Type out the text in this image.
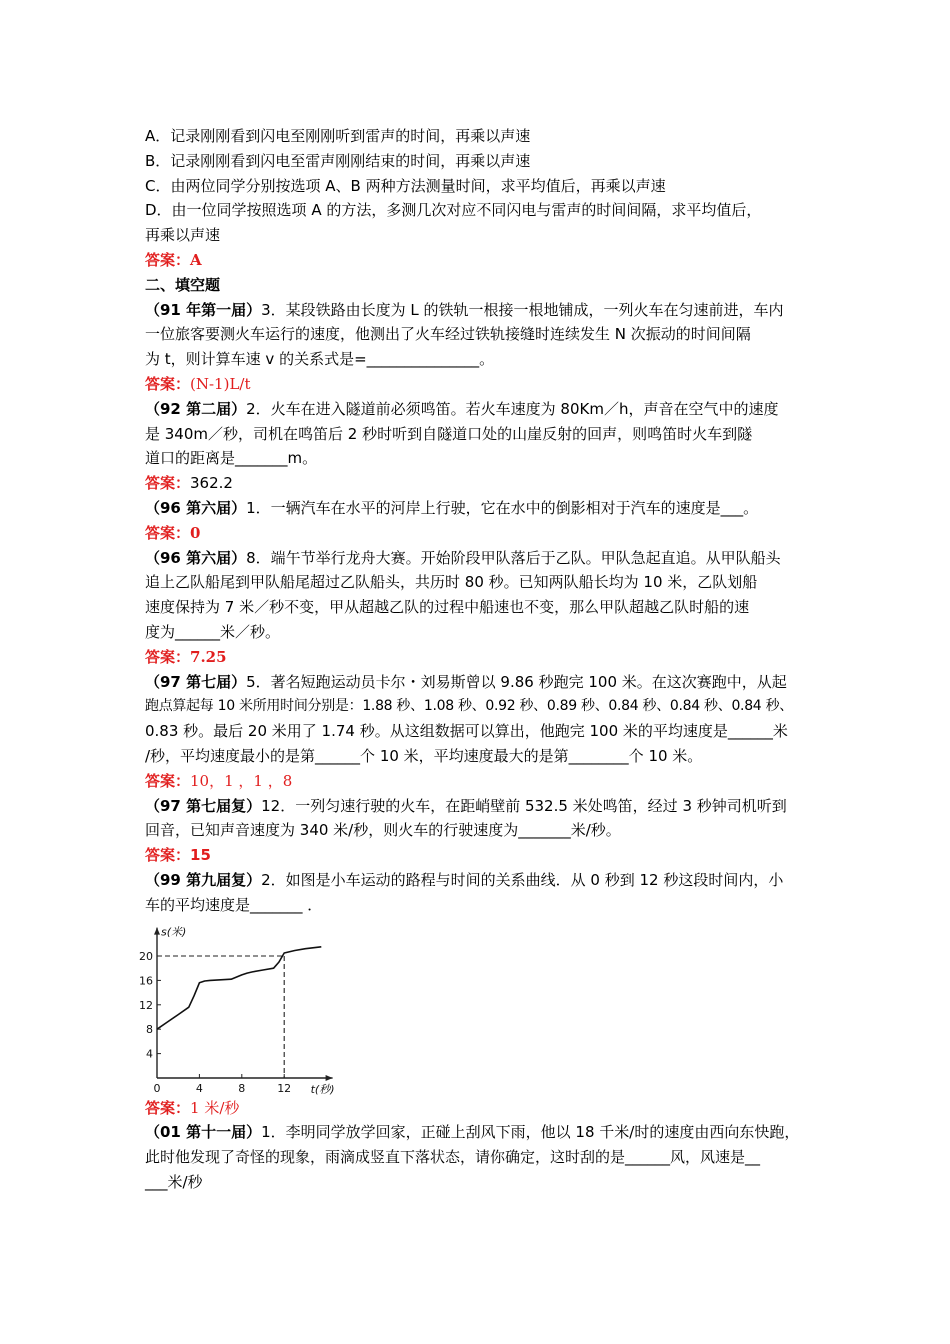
A．记录刚刚看到闪电至刚刚听到雷声的时间，再乘以声速
B．记录刚刚看到闪电至雷声刚刚结束的时间，再乘以声速
C．由两位同学分别按选项 A、B 两种方法测量时间，求平均值后，再乘以声速
D．由一位同学按照选项 A 的方法，多测几次对应不同闪电与雷声的时间间隔，求平均值后，
再乘以声速
答案：A
二、填空题
（91 年第一届）3．某段铁路由长度为 L 的铁轨一根接一根地铺成，一列火车在匀速前进，车内
一位旅客要测火车运行的速度，他测出了火车经过铁轨接缝时连续发生 N 次振动的时间间隔
为 t，则计算车速 v 的关系式是=_______________。
答案：(N-1)L/t
（92 第二届）2．火车在进入隧道前必须鸣笛。若火车速度为 80Km／h，声音在空气中的速度
是 340m／秒，司机在鸣笛后 2 秒时听到自隧道口处的山崖反射的回声，则鸣笛时火车到隧
道口的距离是_______m。
答案：362.2
（96 第六届）1．一辆汽车在水平的河岸上行驶，它在水中的倒影相对于汽车的速度是___。
答案：0
（96 第六届）8．端午节举行龙舟大赛。开始阶段甲队落后于乙队。甲队急起直追。从甲队船头
追上乙队船尾到甲队船尾超过乙队船头，共历时 80 秒。已知两队船长均为 10 米，乙队划船
速度保持为 7 米／秒不变，甲从超越乙队的过程中船速也不变，那么甲队超越乙队时船的速
度为______米／秒。
答案：7.25
（97 第七届）5．著名短跑运动员卡尔・刘易斯曾以 9.86 秒跑完 100 米。在这次赛跑中，从起
跑点算起每 10 米所用时间分别是：1.88 秒、1.08 秒、0.92 秒、0.89 秒、0.84 秒、0.84 秒、0.84 秒、
0.83 秒。最后 20 米用了 1.74 秒。从这组数据可以算出，他跑完 100 米的平均速度是______米
/秒，平均速度最小的是第______个 10 米，平均速度最大的是第________个 10 米。
答案：10，1 ，1 ，8
（97 第七届复）12．一列匀速行驶的火车，在距峭壁前 532.5 米处鸣笛，经过 3 秒钟司机听到
回音，已知声音速度为 340 米/秒，则火车的行驶速度为_______米/秒。
答案：15
（99 第九届复）2．如图是小车运动的路程与时间的关系曲线．从 0 秒到 12 秒这段时间内，小
车的平均速度是_______ ．
4
8
12
16
20
0	4	8	12
s(米)
t(秒)
答案：1 米/秒
（01 第十一届）1．李明同学放学回家，正碰上刮风下雨，他以 18 千米/时的速度由西向东快跑，
此时他发现了奇怪的现象，雨滴成竖直下落状态，请你确定，这时刮的是______风，风速是__
___米/秒
